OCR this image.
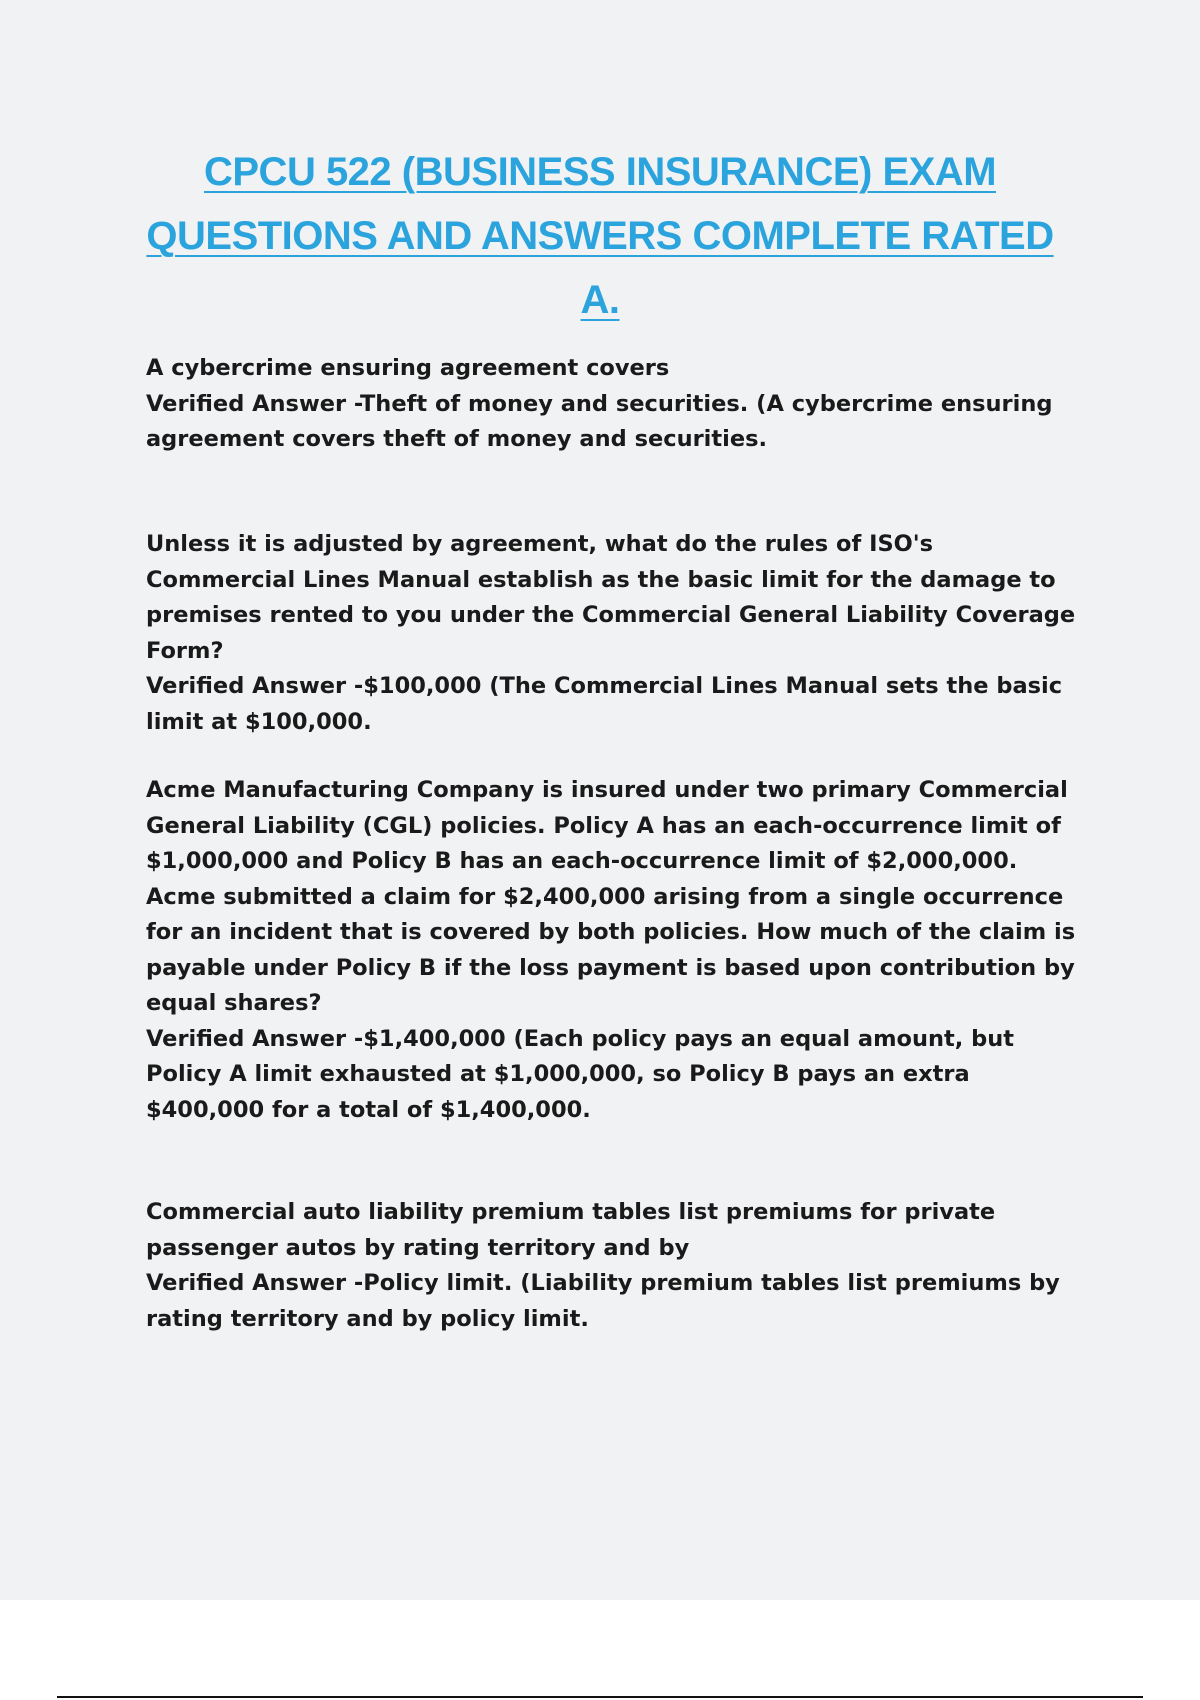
CPCU 522 (BUSINESS INSURANCE) EXAM
QUESTIONS AND ANSWERS COMPLETE RATED
A.

A cybercrime ensuring agreement covers

Verified Answer -Theft of money and securities. (A cybercrime ensuring agreement covers theft of money and securities.

Unless it is adjusted by agreement, what do the rules of ISO's Commercial Lines Manual establish as the basic limit for the damage to premises rented to you under the Commercial General Liability Coverage Form?

Verified Answer -$100,000 (The Commercial Lines Manual sets the basic limit at $100,000.

Acme Manufacturing Company is insured under two primary Commercial General Liability (CGL) policies. Policy A has an each-occurrence limit of $1,000,000 and Policy B has an each-occurrence limit of $2,000,000. Acme submitted a claim for $2,400,000 arising from a single occurrence for an incident that is covered by both policies. How much of the claim is payable under Policy B if the loss payment is based upon contribution by equal shares?

Verified Answer -$1,400,000 (Each policy pays an equal amount, but Policy A limit exhausted at $1,000,000, so Policy B pays an extra $400,000 for a total of $1,400,000.

Commercial auto liability premium tables list premiums for private passenger autos by rating territory and by

Verified Answer -Policy limit. (Liability premium tables list premiums by rating territory and by policy limit.
